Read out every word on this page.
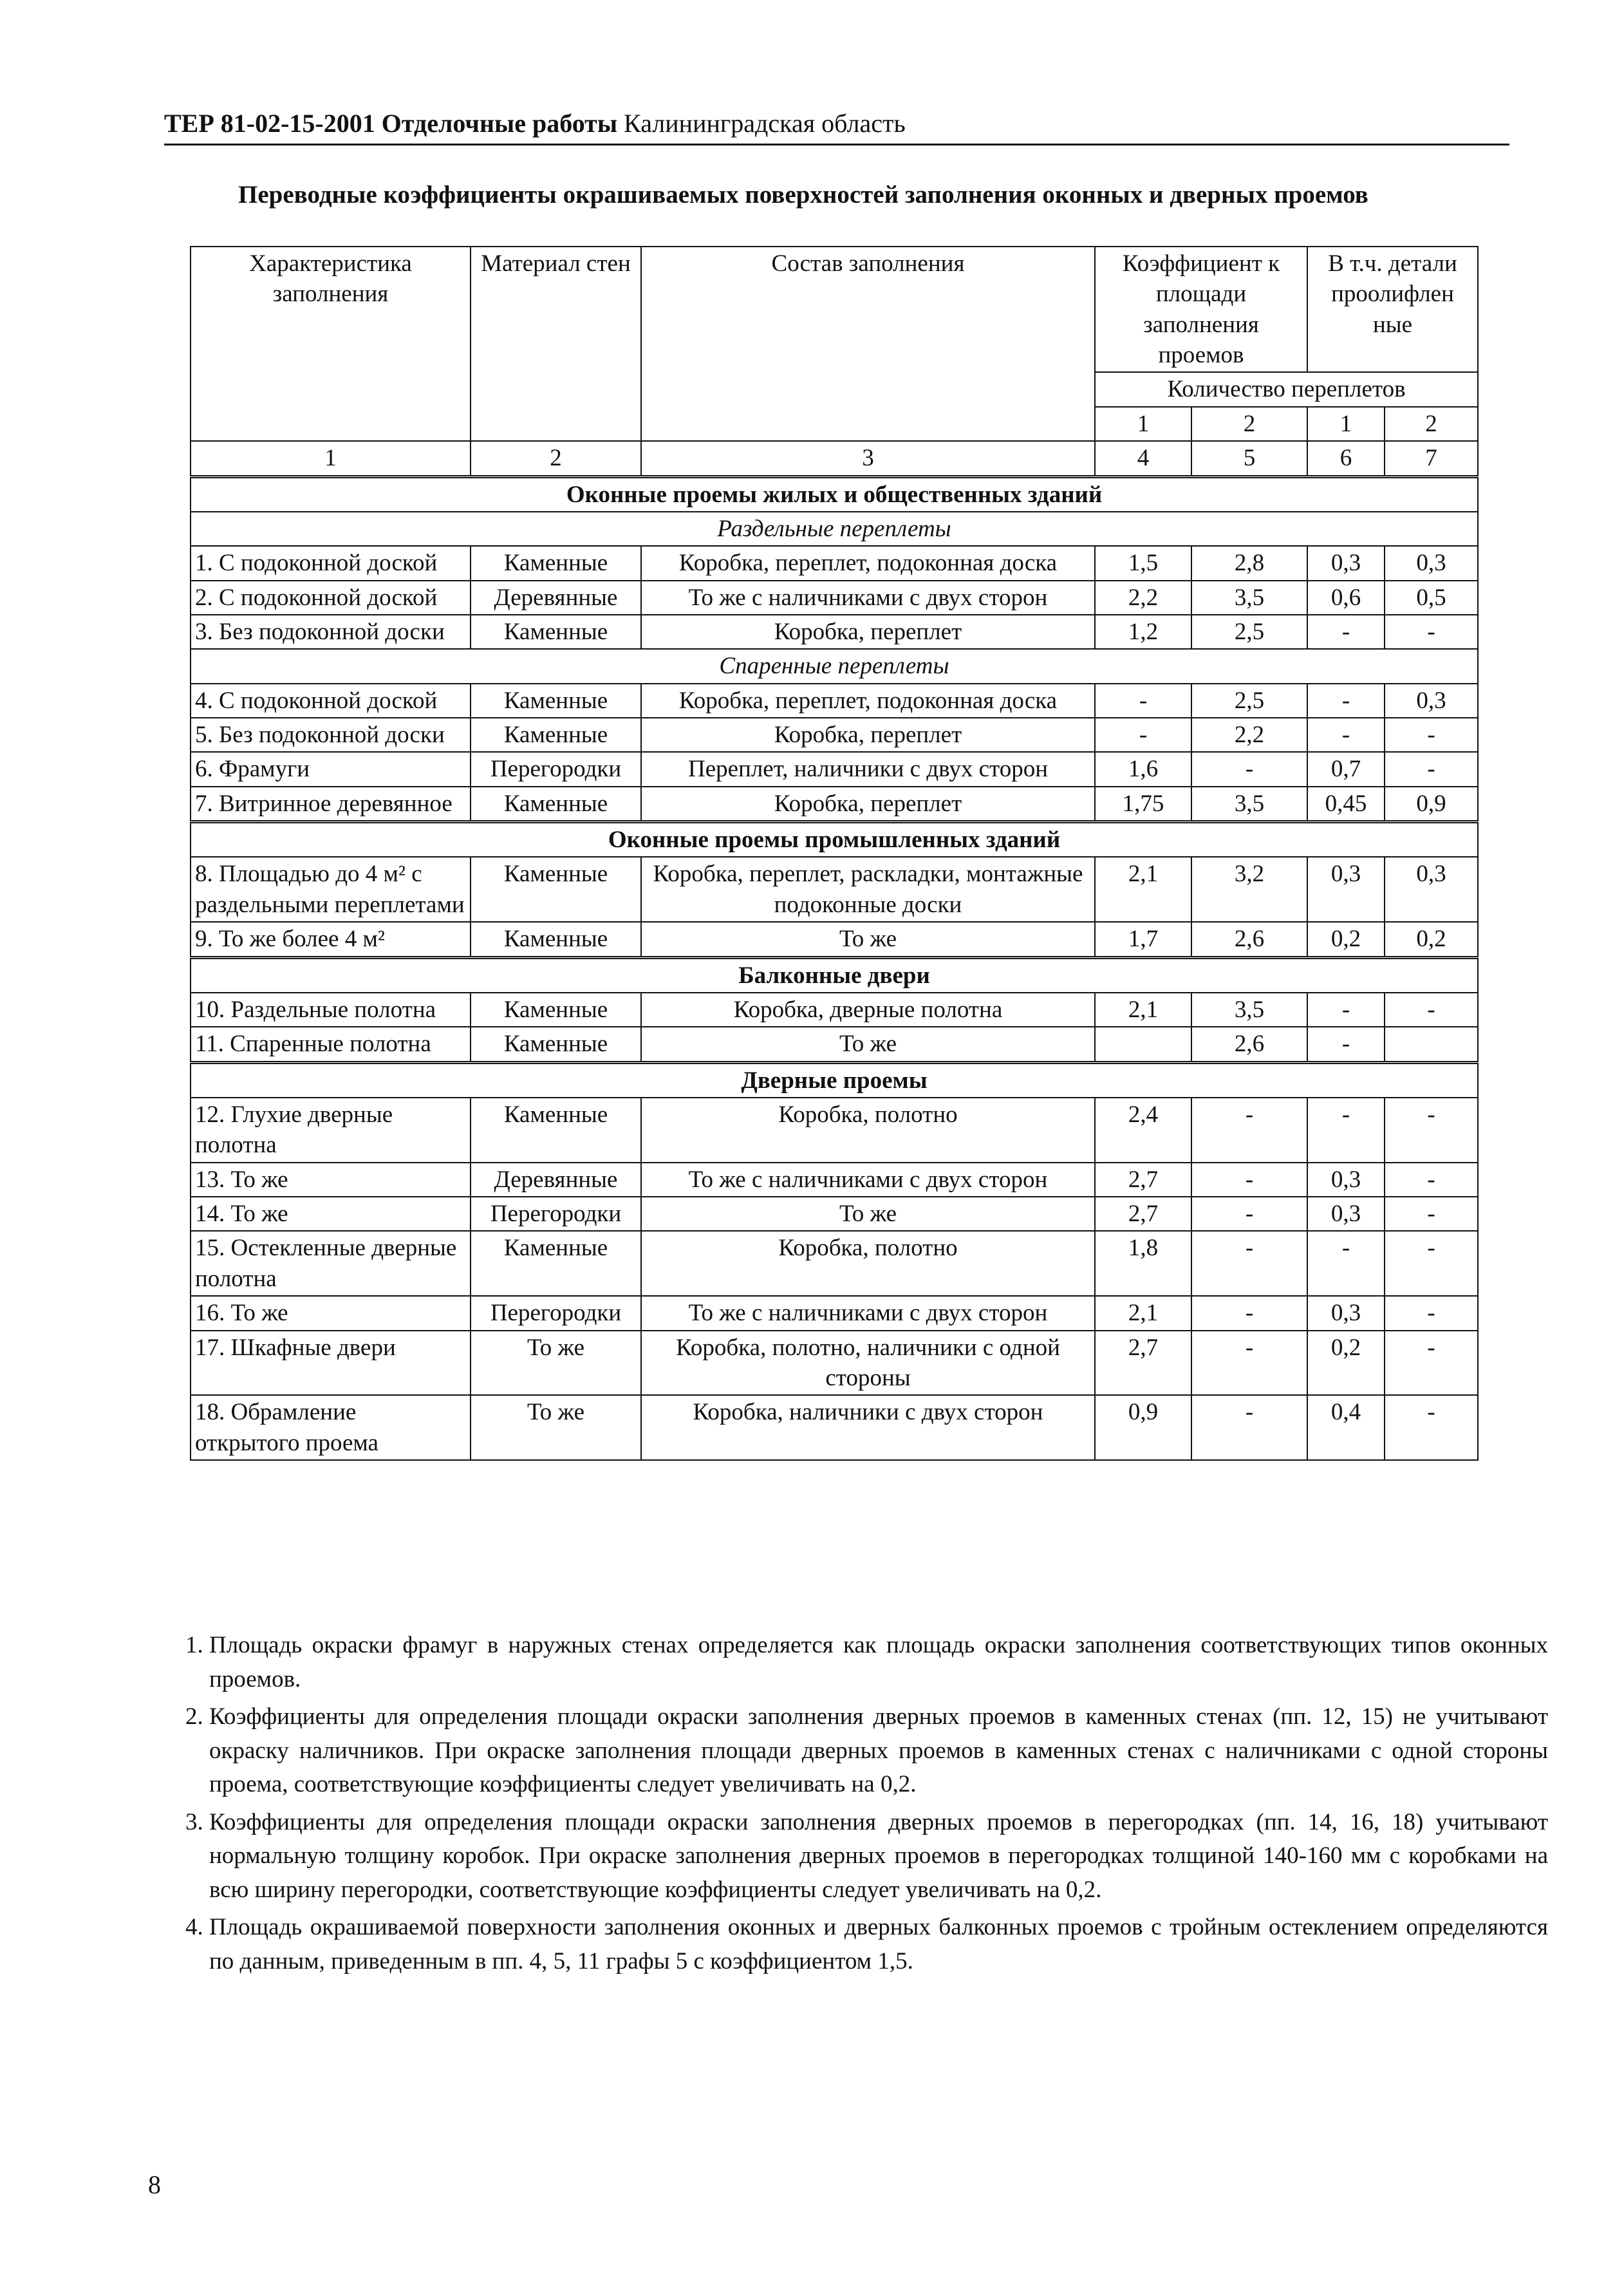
ТЕР 81-02-15-2001 Отделочные работы Калининградская область
Переводные коэффициенты окрашиваемых поверхностей заполнения оконных и дверных проемов
Характеристика заполнения	Материал стен	Состав заполнения	Коэффициент к площади заполнения проемов		В т.ч. детали проолифлен ные	
			Количество переплетов			
			1	2	1	2
1	2	3	4	5	6	7
Оконные проемы жилых и общественных зданий						
Раздельные переплеты						
1. С подоконной доской	Каменные	Коробка, переплет, подоконная доска	1,5	2,8	0,3	0,3
2. С подоконной доской	Деревянные	То же с наличниками с двух сторон	2,2	3,5	0,6	0,5
3. Без подоконной доски	Каменные	Коробка, переплет	1,2	2,5	-	-
Спаренные переплеты						
4. С подоконной доской	Каменные	Коробка, переплет, подоконная доска	-	2,5	-	0,3
5. Без подоконной доски	Каменные	Коробка, переплет	-	2,2	-	-
6. Фрамуги	Перегородки	Переплет, наличники с двух сторон	1,6	-	0,7	-
7. Витринное деревянное	Каменные	Коробка, переплет	1,75	3,5	0,45	0,9
Оконные проемы промышленных зданий						
8. Площадью до 4 м² с раздельными переплетами	Каменные	Коробка, переплет, раскладки, монтажные подоконные доски	2,1	3,2	0,3	0,3
9. То же более 4 м²	Каменные	То же	1,7	2,6	0,2	0,2
Балконные двери						
10. Раздельные полотна	Каменные	Коробка, дверные полотна	2,1	3,5	-	-
11. Спаренные полотна	Каменные	То же		2,6	-	
Дверные проемы						
12. Глухие дверные полотна	Каменные	Коробка, полотно	2,4	-	-	-
13. То же	Деревянные	То же с наличниками с двух сторон	2,7	-	0,3	-
14. То же	Перегородки	То же	2,7	-	0,3	-
15. Остекленные дверные полотна	Каменные	Коробка, полотно	1,8	-	-	-
16. То же	Перегородки	То же с наличниками с двух сторон	2,1	-	0,3	-
17. Шкафные двери	То же	Коробка, полотно, наличники с одной стороны	2,7	-	0,2	-
18. Обрамление открытого проема	То же	Коробка, наличники с двух сторон	0,9	-	0,4	-
1. Площадь окраски фрамуг в наружных стенах определяется как площадь окраски заполнения соответствующих типов оконных проемов.
2. Коэффициенты для определения площади окраски заполнения дверных проемов в каменных стенах (пп. 12, 15) не учитывают окраску наличников. При окраске заполнения площади дверных проемов в каменных стенах с наличниками с одной стороны проема, соответствующие коэффициенты следует увеличивать на 0,2.
3. Коэффициенты для определения площади окраски заполнения дверных проемов в перегородках (пп. 14, 16, 18) учитывают нормальную толщину коробок. При окраске заполнения дверных проемов в перегородках толщиной 140-160 мм с коробками на всю ширину перегородки, соответствующие коэффициенты следует увеличивать на 0,2.
4. Площадь окрашиваемой поверхности заполнения оконных и дверных балконных проемов с тройным остеклением определяются по данным, приведенным в пп. 4, 5, 11 графы 5 с коэффициентом 1,5.
8
